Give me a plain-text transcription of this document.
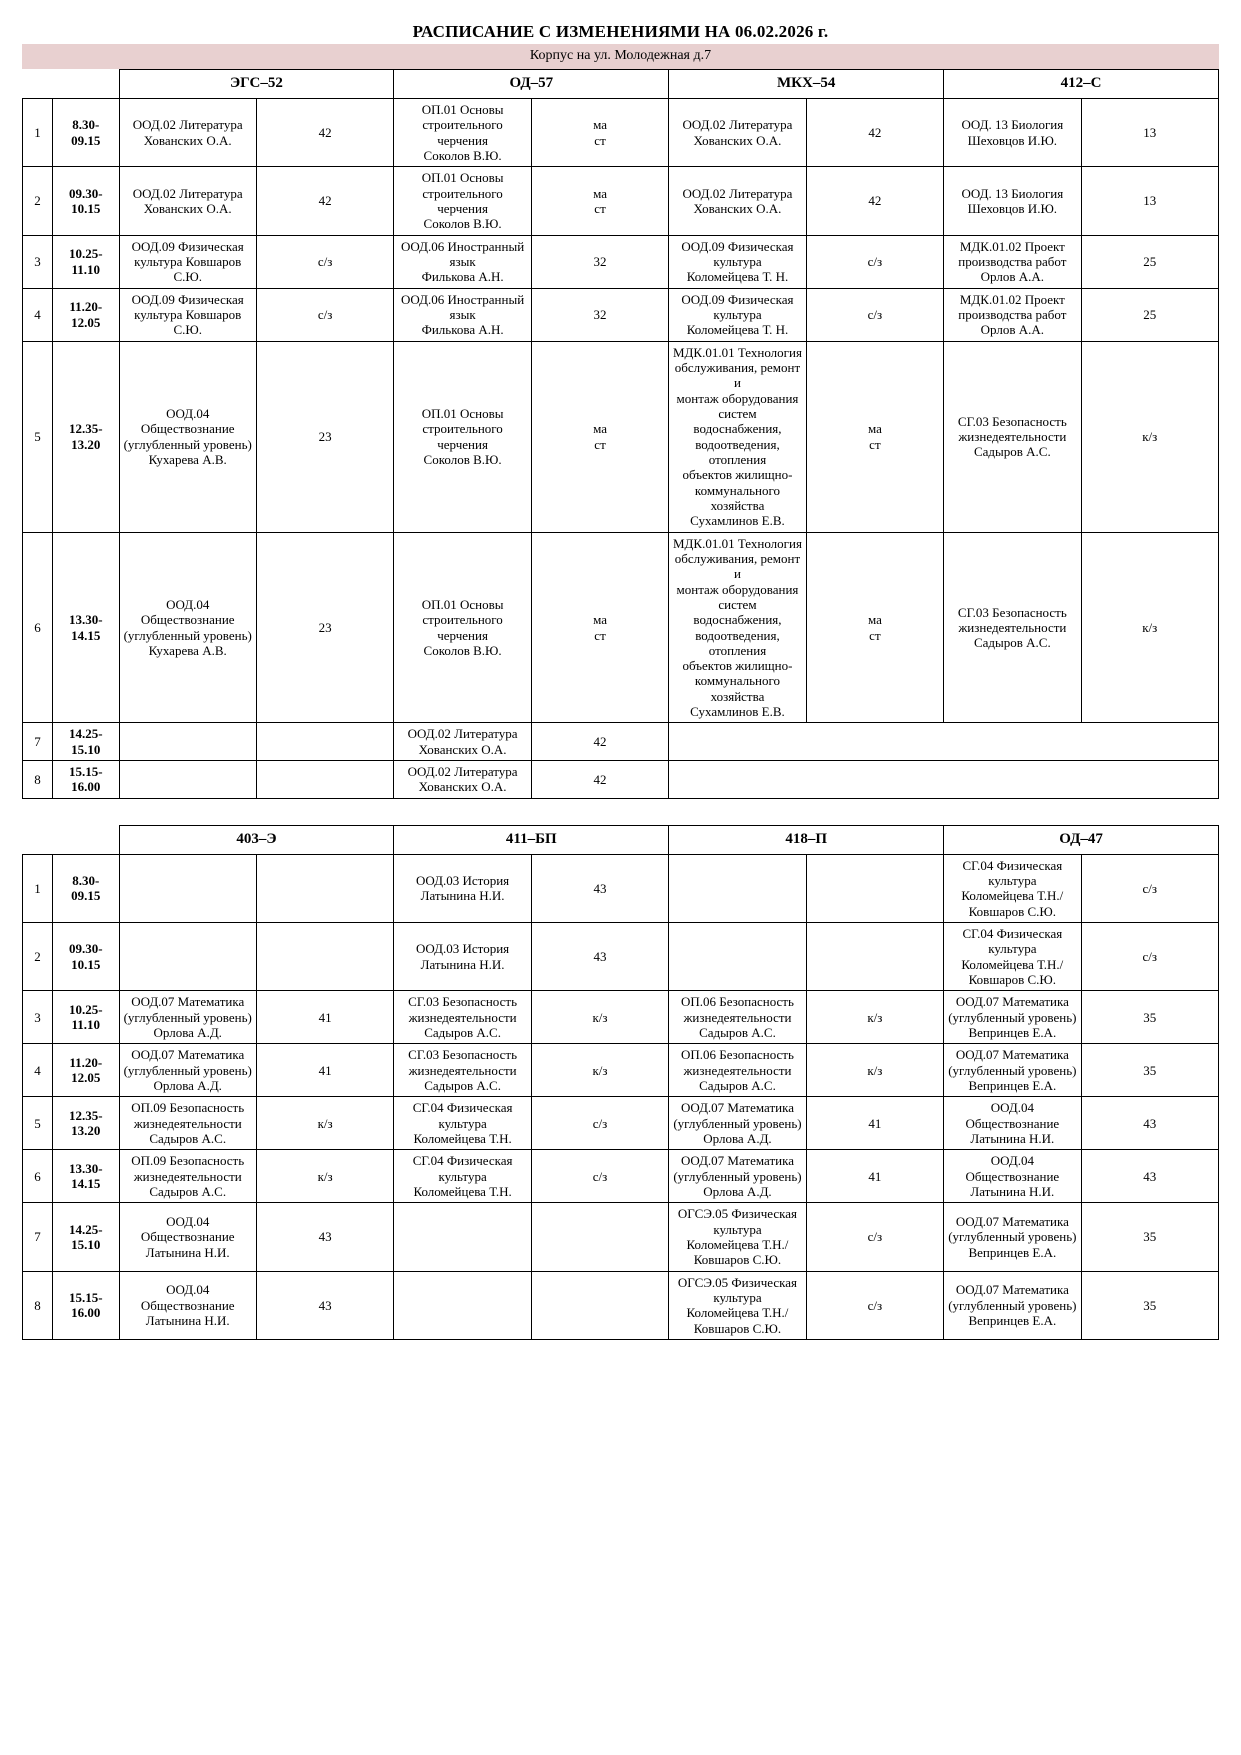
РАСПИСАНИЕ С ИЗМЕНЕНИЯМИ НА 06.02.2026 г.
Корпус на ул. Молодежная д.7
		ЭГС–52		ОД–57		МКХ–54		412–С	
1	8.30-
09.15	ООД.02 Литература
Хованских О.А.	42	ОП.01 Основы
строительного черчения
Соколов В.Ю.	ма
ст	ООД.02 Литература
Хованских О.А.	42	ООД. 13 Биология
Шеховцов И.Ю.	13
2	09.30-
10.15	ООД.02 Литература
Хованских О.А.	42	ОП.01 Основы
строительного черчения
Соколов В.Ю.	ма
ст	ООД.02 Литература
Хованских О.А.	42	ООД. 13 Биология
Шеховцов И.Ю.	13
3	10.25-
11.10	ООД.09 Физическая
культура Ковшаров С.Ю.	с/з	ООД.06 Иностранный
язык
Филькова А.Н.	32	ООД.09 Физическая культура
Коломейцева Т. Н.	с/з	МДК.01.02 Проект
производства работ
Орлов А.А.	25
4	11.20-
12.05	ООД.09 Физическая
культура Ковшаров С.Ю.	с/з	ООД.06 Иностранный
язык
Филькова А.Н.	32	ООД.09 Физическая культура
Коломейцева Т. Н.	с/з	МДК.01.02 Проект
производства работ
Орлов А.А.	25
5	12.35-
13.20	ООД.04 Обществознание
(углубленный уровень)
Кухарева А.В.	23	ОП.01 Основы
строительного черчения
Соколов В.Ю.	ма
ст	МДК.01.01 Технология
обслуживания, ремонт и
монтаж оборудования систем
водоснабжения,
водоотведения, отопления
объектов жилищно-
коммунального хозяйства
Сухамлинов Е.В.	ма
ст	СГ.03 Безопасность
жизнедеятельности
Садыров А.С.	к/з
6	13.30-
14.15	ООД.04 Обществознание
(углубленный уровень)
Кухарева А.В.	23	ОП.01 Основы
строительного черчения
Соколов В.Ю.	ма
ст	МДК.01.01 Технология
обслуживания, ремонт и
монтаж оборудования систем
водоснабжения,
водоотведения, отопления
объектов жилищно-
коммунального хозяйства
Сухамлинов Е.В.	ма
ст	СГ.03 Безопасность
жизнедеятельности
Садыров А.С.	к/з
7	14.25-
15.10			ООД.02 Литература
Хованских О.А.	42				
8	15.15-
16.00			ООД.02 Литература
Хованских О.А.	42				
		403–Э		411–БП		418–П		ОД–47	
1	8.30-
09.15			ООД.03 История
Латынина Н.И.	43			СГ.04 Физическая
культура
Коломейцева Т.Н./
Ковшаров С.Ю.	с/з
2	09.30-
10.15			ООД.03 История
Латынина Н.И.	43			СГ.04 Физическая
культура
Коломейцева Т.Н./
Ковшаров С.Ю.	с/з
3	10.25-
11.10	ООД.07 Математика
(углубленный уровень)
Орлова А.Д.	41	СГ.03 Безопасность
жизнедеятельности
Садыров А.С.	к/з	ОП.06 Безопасность
жизнедеятельности
Садыров А.С.	к/з	ООД.07 Математика
(углубленный уровень)
Вепринцев Е.А.	35
4	11.20-
12.05	ООД.07 Математика
(углубленный уровень)
Орлова А.Д.	41	СГ.03 Безопасность
жизнедеятельности
Садыров А.С.	к/з	ОП.06 Безопасность
жизнедеятельности
Садыров А.С.	к/з	ООД.07 Математика
(углубленный уровень)
Вепринцев Е.А.	35
5	12.35-
13.20	ОП.09 Безопасность
жизнедеятельности
Садыров А.С.	к/з	СГ.04 Физическая культура
Коломейцева Т.Н.	с/з	ООД.07 Математика
(углубленный уровень)
Орлова А.Д.	41	ООД.04 Обществознание
Латынина Н.И.	43
6	13.30-
14.15	ОП.09 Безопасность
жизнедеятельности
Садыров А.С.	к/з	СГ.04 Физическая культура
Коломейцева Т.Н.	с/з	ООД.07 Математика
(углубленный уровень)
Орлова А.Д.	41	ООД.04 Обществознание
Латынина Н.И.	43
7	14.25-
15.10	ООД.04 Обществознание
Латынина Н.И.	43			ОГСЭ.05 Физическая
культура
Коломейцева Т.Н./
Ковшаров С.Ю.	с/з	ООД.07 Математика
(углубленный уровень)
Вепринцев Е.А.	35
8	15.15-
16.00	ООД.04 Обществознание
Латынина Н.И.	43			ОГСЭ.05 Физическая
культура
Коломейцева Т.Н./
Ковшаров С.Ю.	с/з	ООД.07 Математика
(углубленный уровень)
Вепринцев Е.А.	35
